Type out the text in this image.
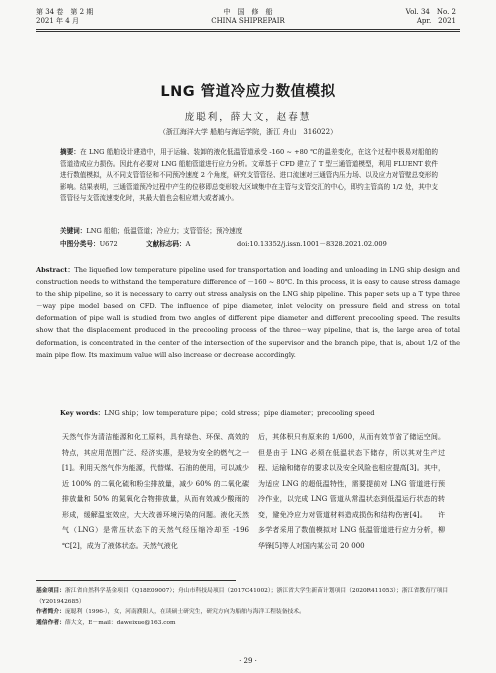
第 34 卷　第 2 期
2021 年 4 月
中　国　修　船
CHINA SHIPREPAIR
Vol. 34　No. 2
Apr.　2021
LNG 管道冷应力数值模拟
庞聪利，薛大文，赵春慧
（浙江海洋大学 船舶与海运学院，浙江 舟山　316022）
摘要：在 LNG 船舶设计建造中，用于运输、装卸的液化低温管道承受 -160 ~ +80 ℃的温差变化，在这个过程中极易对船舶的管道造成应力损伤。因此有必要对 LNG 船舶管道进行应力分析。文章基于 CFD 建立了 T 型三通管道模型，利用 FLUENT 软件进行数值模拟，从不同支管管径和不同预冷速度 2 个角度，研究支管管径、进口流速对三通管内压力场、以及应力对管壁总变形的影响。结果表明，三通管道预冷过程中产生的位移即总变形较大区域集中在主管与支管交汇的中心，即约主管高的 1/2 处，其中支管管径与支管流速变化时，其最大值也会相应增大或者减小。
关键词：LNG 船舶；低温管道；冷应力；支管管径；预冷速度
中图分类号：U672	文献标志码：A	doi:10.13352/j.issn.1001－8328.2021.02.009
Abstract：The liquefied low temperature pipeline used for transportation and loading and unloading in LNG ship design and construction needs to withstand the temperature difference of －160 ~ 80℃. In this process, it is easy to cause stress damage to the ship pipeline, so it is necessary to carry out stress analysis on the LNG ship pipeline. This paper sets up a T type three－way pipe model based on CFD. The influence of pipe diameter, inlet velocity on pressure field and stress on total deformation of pipe wall is studied from two angles of different pipe diameter and different precooling speed. The results show that the displacement produced in the precooling process of the three－way pipeline, that is, the large area of total deformation, is concentrated in the center of the intersection of the supervisor and the branch pipe, that is, about 1/2 of the main pipe flow. Its maximum value will also increase or decrease accordingly.
Key words：LNG ship；low temperature pipe；cold stress；pipe diameter；precooling speed
天然气作为清洁能源和化工原料，具有绿色、环保、高效的特点，其应用范围广泛、经济实惠，是较为安全的燃气之一[1]。利用天然气作为能源，代替煤、石油的使用，可以减少近 100% 的二氧化硫和粉尘排放量，减少 60% 的二氧化碳排放量和 50% 的氮氧化合物排放量，从而有效减少酸雨的形成，缓解温室效应，大大改善环境污染的问题。液化天然气（LNG）是常压状态下的天然气经压缩冷却至 -196 ℃[2]，成为了液体状态。天然气液化
后，其体积只有原来的 1/600，从而有效节省了储运空间。但是由于 LNG 必须在低温状态下储存，所以其对生产过程、运输和储存的要求以及安全风险也相应提高[3]。其中，为适应 LNG 的超低温特性，需要提前对 LNG 管道进行预冷作业，以完成 LNG 管道从常温状态到低温运行状态的转变，避免冷应力对管道材料造成损伤和结构伤害[4]。　　许多学者采用了数值模拟对 LNG 低温管道进行应力分析，柳华锋[5]等人对国内某公司 20 000

基金项目：浙江省自然科学基金项目（Q18E09007）；舟山市科技局项目（2017C41002）；浙江省大学生新苗计划项目（2020R411053）；浙江省教育厅项目（Y201942685）

作者简介：庞聪利（1996-），女，河南濮阳人，在读硕士研究生，研究方向为船舶与海洋工程装备技术。

通信作者：薛大文，E－mail：daweixue@163.com

· 29 ·
